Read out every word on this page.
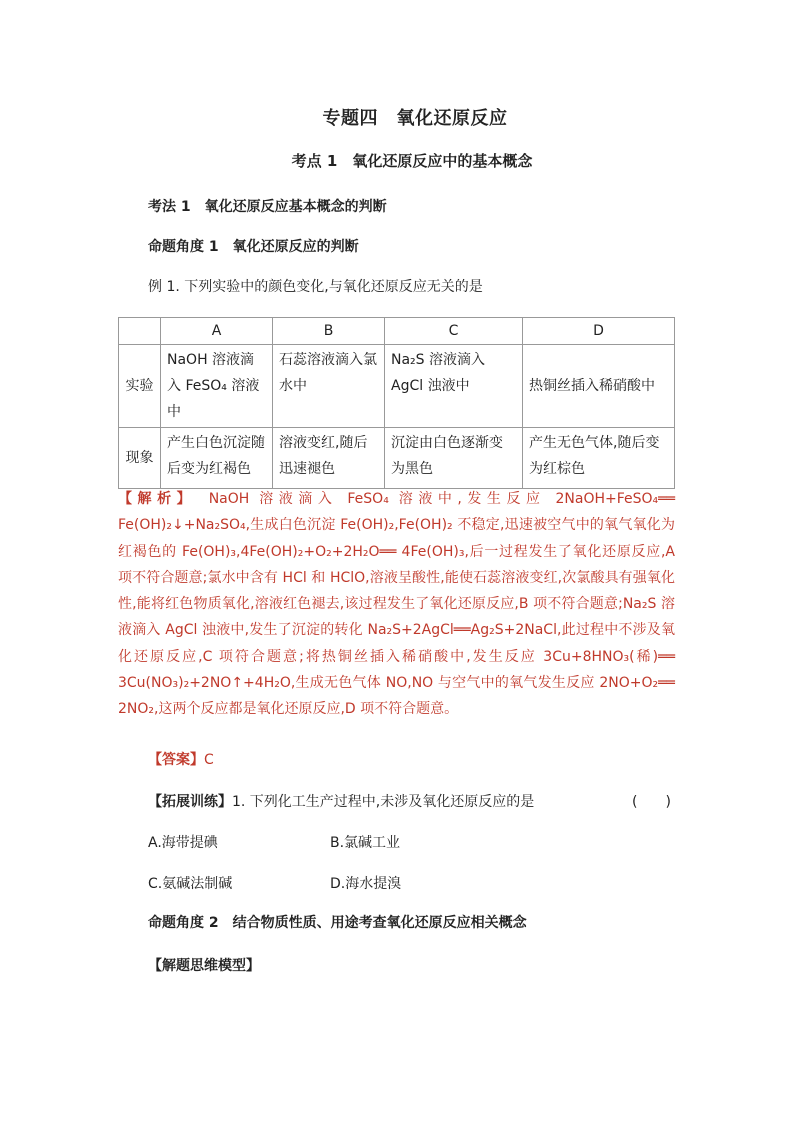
专题四　氧化还原反应
考点 1　氧化还原反应中的基本概念
考法 1　氧化还原反应基本概念的判断
命题角度 1　氧化还原反应的判断
例 1. 下列实验中的颜色变化,与氧化还原反应无关的是
	A	B	C	D
实验	NaOH 溶液滴入 FeSO₄ 溶液中	石蕊溶液滴入氯水中	Na₂S 溶液滴入 AgCl 浊液中	热铜丝插入稀硝酸中
现象	产生白色沉淀随后变为红褐色	溶液变红,随后迅速褪色	沉淀由白色逐渐变为黑色	产生无色气体,随后变为红棕色
【解析】　 NaOH 溶液滴入 FeSO₄ 溶液中,发生反应 2NaOH+FeSO₄══ Fe(OH)₂↓+Na₂SO₄,生成白色沉淀 Fe(OH)₂,Fe(OH)₂ 不稳定,迅速被空气中的氧气氧化为红褐色的 Fe(OH)₃,4Fe(OH)₂+O₂+2H₂O══ 4Fe(OH)₃,后一过程发生了氧化还原反应,A 项不符合题意;氯水中含有 HCl 和 HClO,溶液呈酸性,能使石蕊溶液变红,次氯酸具有强氧化性,能将红色物质氧化,溶液红色褪去,该过程发生了氧化还原反应,B 项不符合题意;Na₂S 溶液滴入 AgCl 浊液中,发生了沉淀的转化 Na₂S+2AgCl══Ag₂S+2NaCl,此过程中不涉及氧化还原反应,C 项符合题意;将热铜丝插入稀硝酸中,发生反应 3Cu+8HNO₃(稀)══ 3Cu(NO₃)₂+2NO↑+4H₂O,生成无色气体 NO,NO 与空气中的氧气发生反应 2NO+O₂══ 2NO₂,这两个反应都是氧化还原反应,D 项不符合题意。
【答案】C
【拓展训练】1. 下列化工生产过程中,未涉及氧化还原反应的是	(　　)
A.海带提碘	B.氯碱工业
C.氨碱法制碱	D.海水提溴
命题角度 2　结合物质性质、用途考查氧化还原反应相关概念
【解题思维模型】
